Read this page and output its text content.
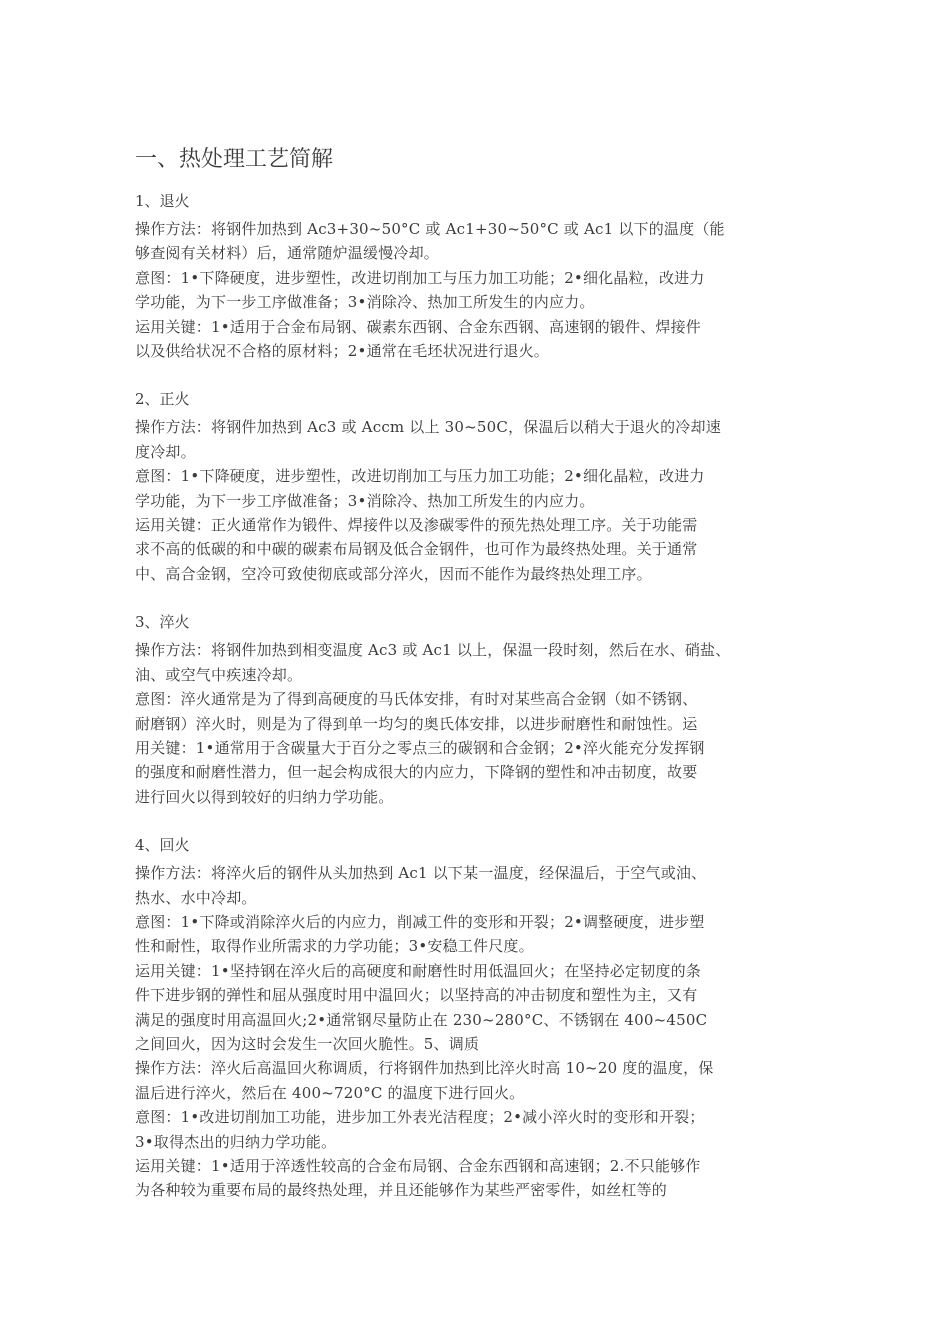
一、热处理工艺简解
1、退火

操作方法：将钢件加热到 Ac3+30~50°C 或 Ac1+30~50°C 或 Ac1 以下的温度（能
够查阅有关材料）后，通常随炉温缓慢冷却。
意图：1•下降硬度，进步塑性，改进切削加工与压力加工功能；2•细化晶粒，改进力
学功能，为下一步工序做准备；3•消除冷、热加工所发生的内应力。
运用关键：1•适用于合金布局钢、碳素东西钢、合金东西钢、高速钢的锻件、焊接件
以及供给状况不合格的原材料；2•通常在毛坯状况进行退火。

2、正火

操作方法：将钢件加热到 Ac3 或 Accm 以上 30~50C，保温后以稍大于退火的冷却速
度冷却。
意图：1•下降硬度，进步塑性，改进切削加工与压力加工功能；2•细化晶粒，改进力
学功能，为下一步工序做准备；3•消除冷、热加工所发生的内应力。
运用关键：正火通常作为锻件、焊接件以及渗碳零件的预先热处理工序。关于功能需
求不高的低碳的和中碳的碳素布局钢及低合金钢件，也可作为最终热处理。关于通常
中、高合金钢，空冷可致使彻底或部分淬火，因而不能作为最终热处理工序。

3、淬火

操作方法：将钢件加热到相变温度 Ac3 或 Ac1 以上，保温一段时刻，然后在水、硝盐、
油、或空气中疾速冷却。
意图：淬火通常是为了得到高硬度的马氏体安排，有时对某些高合金钢（如不锈钢、
耐磨钢）淬火时，则是为了得到单一均匀的奥氏体安排，以进步耐磨性和耐蚀性。运
用关键：1•通常用于含碳量大于百分之零点三的碳钢和合金钢；2•淬火能充分发挥钢
的强度和耐磨性潜力，但一起会构成很大的内应力，下降钢的塑性和冲击韧度，故要
进行回火以得到较好的归纳力学功能。

4、回火

操作方法：将淬火后的钢件从头加热到 Ac1 以下某一温度，经保温后，于空气或油、
热水、水中冷却。
意图：1•下降或消除淬火后的内应力，削减工件的变形和开裂；2•调整硬度，进步塑
性和耐性，取得作业所需求的力学功能；3•安稳工件尺度。
运用关键：1•坚持钢在淬火后的高硬度和耐磨性时用低温回火；在坚持必定韧度的条
件下进步钢的弹性和屈从强度时用中温回火；以坚持高的冲击韧度和塑性为主，又有
满足的强度时用高温回火;2•通常钢尽量防止在 230~280°C、不锈钢在 400~450C
之间回火，因为这时会发生一次回火脆性。5、调质
操作方法：淬火后高温回火称调质，行将钢件加热到比淬火时高 10~20 度的温度，保
温后进行淬火，然后在 400~720°C 的温度下进行回火。
意图：1•改进切削加工功能，进步加工外表光洁程度；2•减小淬火时的变形和开裂；
3•取得杰出的归纳力学功能。
运用关键：1•适用于淬透性较高的合金布局钢、合金东西钢和高速钢；2.不只能够作
为各种较为重要布局的最终热处理，并且还能够作为某些严密零件，如丝杠等的
